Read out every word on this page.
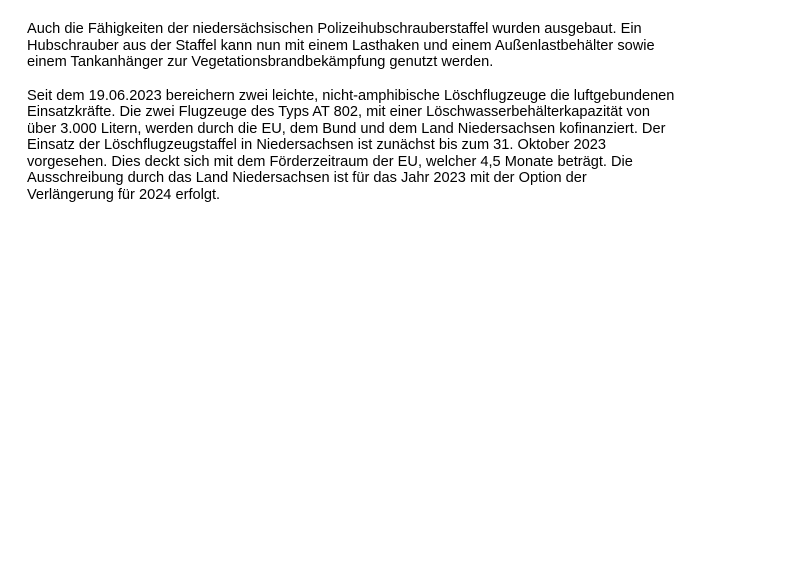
Auch die Fähigkeiten der niedersächsischen Polizeihubschrauberstaffel wurden ausgebaut. Ein
Hubschrauber aus der Staffel kann nun mit einem Lasthaken und einem Außenlastbehälter sowie
einem Tankanhänger zur Vegetationsbrandbekämpfung genutzt werden.

Seit dem 19.06.2023 bereichern zwei leichte, nicht-amphibische Löschflugzeuge die luftgebundenen
Einsatzkräfte. Die zwei Flugzeuge des Typs AT 802, mit einer Löschwasserbehälterkapazität von
über 3.000 Litern, werden durch die EU, dem Bund und dem Land Niedersachsen kofinanziert. Der
Einsatz der Löschflugzeugstaffel in Niedersachsen ist zunächst bis zum 31. Oktober 2023
vorgesehen. Dies deckt sich mit dem Förderzeitraum der EU, welcher 4,5 Monate beträgt. Die
Ausschreibung durch das Land Niedersachsen ist für das Jahr 2023 mit der Option der
Verlängerung für 2024 erfolgt.
